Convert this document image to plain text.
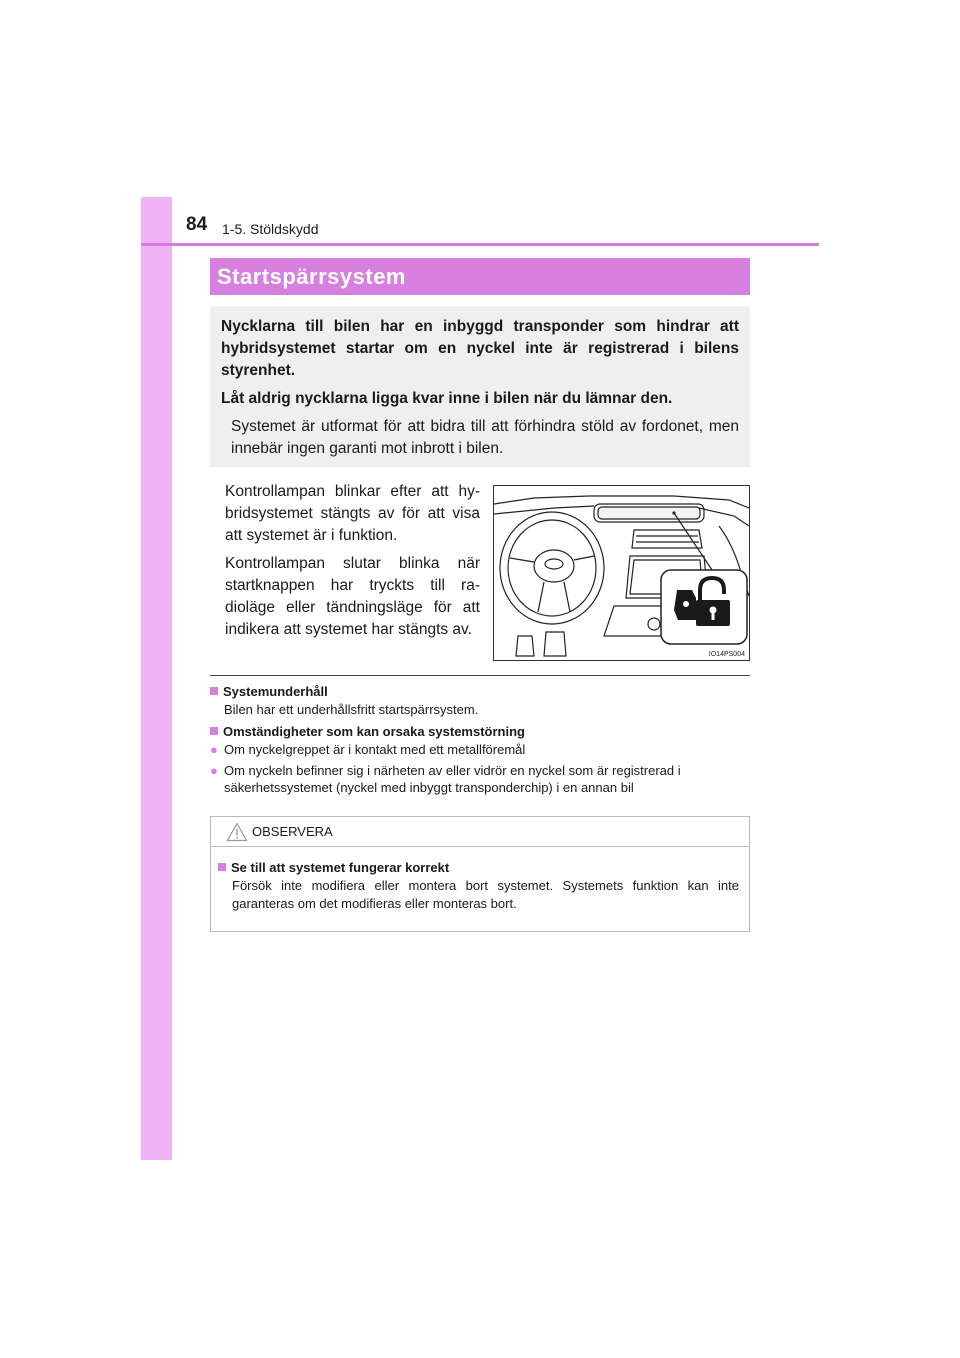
84 1-5. Stöldskydd
Startspärrsystem

Nycklarna till bilen har en inbyggd transponder som hindrar att hybridsystemet startar om en nyckel inte är registrerad i bilens styrenhet.

Låt aldrig nycklarna ligga kvar inne i bilen när du lämnar den.

Systemet är utformat för att bidra till att förhindra stöld av fordonet, men innebär ingen garanti mot inbrott i bilen.

Kontrollampan blinkar efter att hy-bridsystemet stängts av för att visa att systemet är i funktion.

Kontrollampan slutar blinka när startknappen har tryckts till ra-dioläge eller tändningsläge för att indikera att systemet har stängts av.

IO14PS004
Systemunderhåll
Bilen har ett underhållsfritt startspärrsystem.
Omständigheter som kan orsaka systemstörning
● Om nyckelgreppet är i kontakt med ett metallföremål
● Om nyckeln befinner sig i närheten av eller vidrör en nyckel som är registrerad i säkerhetssystemet (nyckel med inbyggt transponderchip) i en annan bil
OBSERVERA
Se till att systemet fungerar korrekt
Försök inte modifiera eller montera bort systemet. Systemets funktion kan inte garanteras om det modifieras eller monteras bort.
